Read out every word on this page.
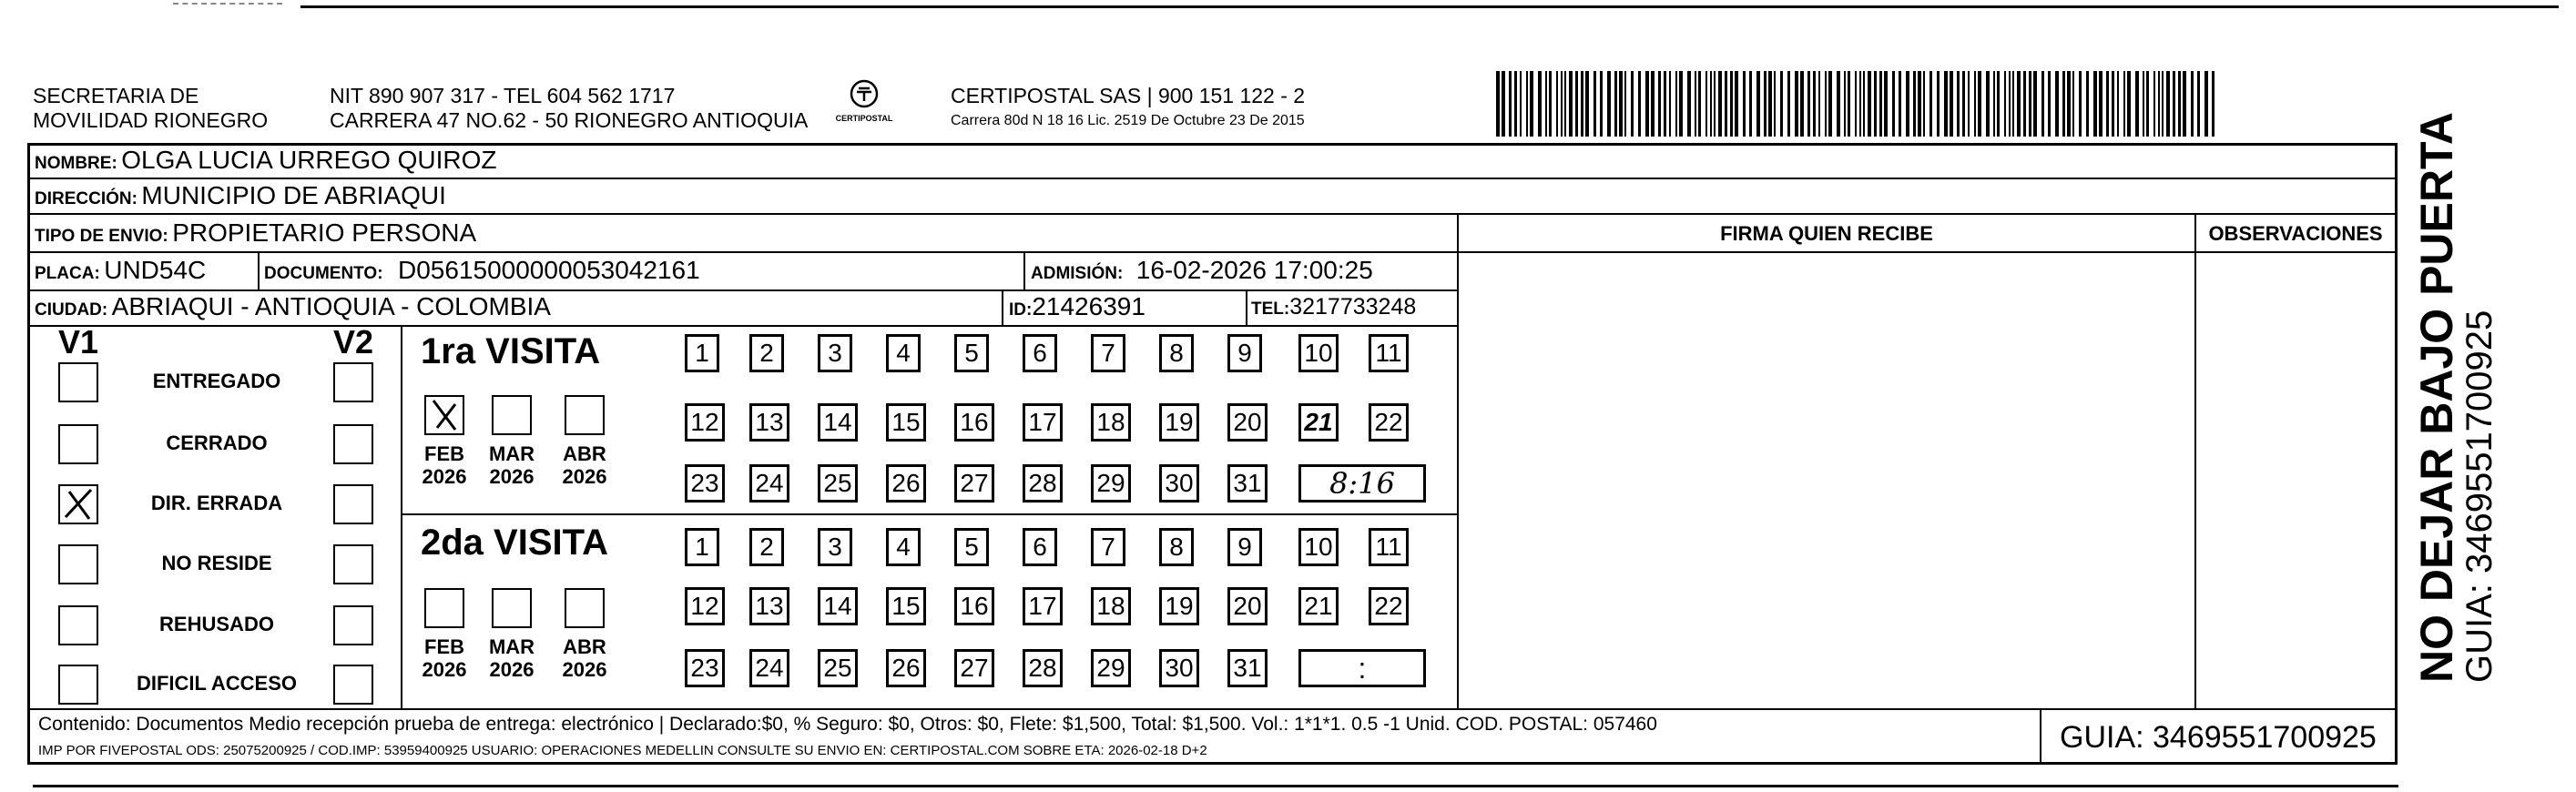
SECRETARIA DE
MOVILIDAD RIONEGRO
NIT 890 907 317 - TEL 604 562 1717
CARRERA 47 NO.62 - 50 RIONEGRO ANTIOQUIA	CERTIPOSTAL
CERTIPOSTAL SAS | 900 151 122 - 2
Carrera 80d N 18 16 Lic. 2519 De Octubre 23 De 2015
NOMBRE: OLGA LUCIA URREGO QUIROZ
DIRECCIÓN: MUNICIPIO DE ABRIAQUI
TIPO DE ENVIO: PROPIETARIO PERSONA
PLACA: UND54C	DOCUMENTO: D05615000000053042161	ADMISIÓN: 16-02-2026 17:00:25
CIUDAD: ABRIAQUI - ANTIOQUIA - COLOMBIA	ID:21426391	TEL:3217733248
FIRMA QUIEN RECIBE	OBSERVACIONES
V1	V2
ENTREGADO
CERRADO
DIR. ERRADA
NO RESIDE
REHUSADO
DIFICIL ACCESO
1ra VISITA
2da VISITA
FEB
2026
MAR
2026
ABR
2026
1	2	3	4	5	6	7	8	9	10 11
12 13 14 15 16 17 18 19 20 21 22
23 24 25 26 27 28 29 30 31	8:16
FEB
2026
MAR
2026
ABR
2026
1	2	3	4	5	6	7	8	9	10 11
12 13 14 15 16 17 18 19 20 21 22
23 24 25 26 27 28 29 30 31	:
Contenido: Documentos Medio recepción prueba de entrega: electrónico | Declarado:$0, % Seguro: $0, Otros: $0, Flete: $1,500, Total: $1,500. Vol.: 1*1*1. 0.5 -1 Unid. COD. POSTAL: 057460
IMP POR FIVEPOSTAL ODS: 25075200925 / COD.IMP: 53959400925 USUARIO: OPERACIONES MEDELLIN CONSULTE SU ENVIO EN: CERTIPOSTAL.COM SOBRE ETA: 2026-02-18 D+2	GUIA: 3469551700925
NO DEJAR BAJO PUERTA
GUIA: 3469551700925
